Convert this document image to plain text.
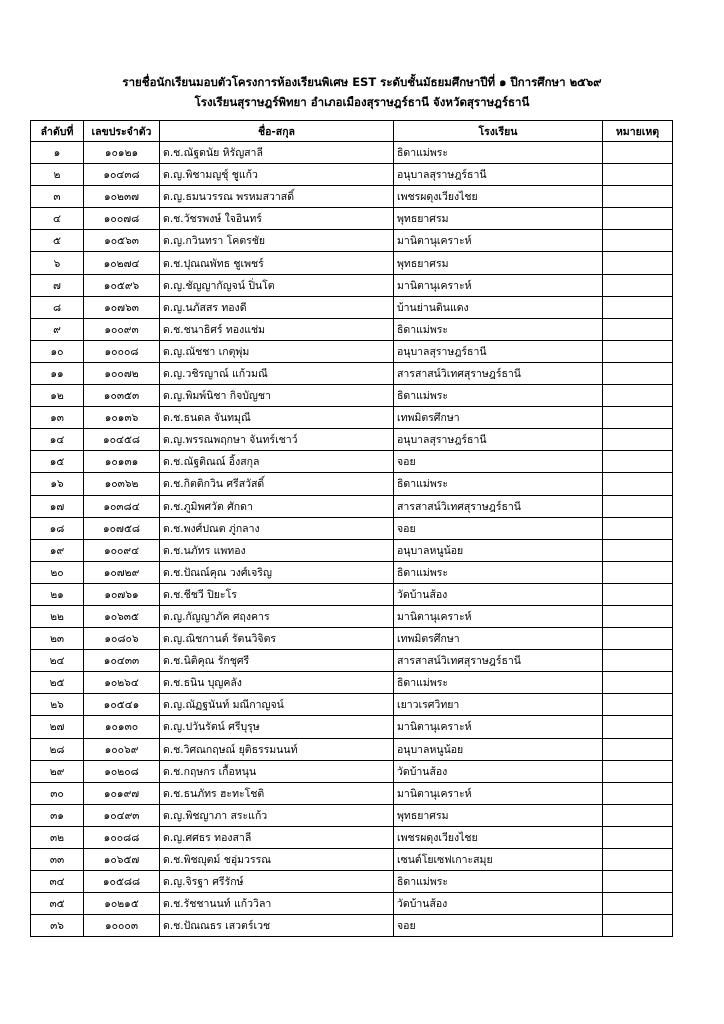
รายชื่อนักเรียนมอบตัวโครงการห้องเรียนพิเศษ EST ระดับชั้นมัธยมศึกษาปีที่ ๑ ปีการศึกษา ๒๕๖๙
โรงเรียนสุราษฎร์พิทยา อำเภอเมืองสุราษฎร์ธานี จังหวัดสุราษฎร์ธานี
ลำดับที่	เลขประจำตัว	ชื่อ-สกุล	โรงเรียน	หมายเหตุ
๑	๑๐๑๒๑	ด.ช.ณัฐดนัย หิรัญสาลี	ธิดาแม่พระ	
๒	๑๐๔๓๘	ด.ญ.พิชามญชุ์ ชูแก้ว	อนุบาลสุราษฎร์ธานี	
๓	๑๐๒๓๗	ด.ญ.ธมนวรรณ พรหมสวาสดิ์	เพชรผดุงเวียงไชย	
๔	๑๐๐๗๘	ด.ช.วัชรพงษ์ ใจอินทร์	พุทธยาศรม	
๕	๑๐๕๖๓	ด.ญ.กวินทรา โคตรชัย	มานิตานุเคราะห์	
๖	๑๐๒๗๔	ด.ช.ปุณณพัทธ ชูเพชร์	พุทธยาศรม	
๗	๑๐๕๙๖	ด.ญ.ชัญญากัญจน์ ปิ่นโต	มานิตานุเคราะห์	
๘	๑๐๗๖๓	ด.ญ.นภัสสร ทองดี	บ้านย่านดินแดง	
๙	๑๐๐๙๓	ด.ช.ชนาธิศร์ ทองแช่ม	ธิดาแม่พระ	
๑๐	๑๐๐๐๘	ด.ญ.ณัชชา เกตุพุ่ม	อนุบาลสุราษฎร์ธานี	
๑๑	๑๐๐๗๒	ด.ญ.วชิรญาณ์ แก้วมณี	สารสาสน์วิเทศสุราษฎร์ธานี	
๑๒	๑๐๓๕๓	ด.ญ.พิมพ์นิชา กิจบัญชา	ธิดาแม่พระ	
๑๓	๑๐๑๓๖	ด.ช.ธนดล จันทมุณี	เทพมิตรศึกษา	
๑๔	๑๐๔๕๘	ด.ญ.พรรณพฤกษา จันทร์เชาว์	อนุบาลสุราษฎร์ธานี	
๑๕	๑๐๑๓๑	ด.ช.ณัฐติณณ์ อิ้งสกุล	จอย	
๑๖	๑๐๓๖๒	ด.ช.กิตติกวิน ศรีสวัสดิ์	ธิดาแม่พระ	
๑๗	๑๐๓๘๔	ด.ช.ภูมิพศวัต ศักดา	สารสาสน์วิเทศสุราษฎร์ธานี	
๑๘	๑๐๗๕๘	ด.ช.พงศ์ปณต ภู่กลาง	จอย	
๑๙	๑๐๐๙๔	ด.ช.นภัทร แพทอง	อนุบาลหนูน้อย	
๒๐	๑๐๗๒๙	ด.ช.ปัณณ์คุณ วงศ์เจริญ	ธิดาแม่พระ	
๒๑	๑๐๗๖๑	ด.ช.ชีชวี ปิยะโร	วัดบ้านส้อง	
๒๒	๑๐๖๓๕	ด.ญ.กัญญาภัค ศฤงคาร	มานิตานุเคราะห์	
๒๓	๑๐๘๐๖	ด.ญ.ณิชกานต์ รัตนวิจิตร	เทพมิตรศึกษา	
๒๔	๑๐๔๓๓	ด.ช.นิติคุณ รักชุศรี	สารสาสน์วิเทศสุราษฎร์ธานี	
๒๕	๑๐๒๖๔	ด.ช.ธนิน บุญคลัง	ธิดาแม่พระ	
๒๖	๑๐๕๔๑	ด.ญ.ณัฏฐนันท์ มณีกาญจน์	เยาวเรศวิทยา	
๒๗	๑๐๑๓๐	ด.ญ.ปวันรัตน์ ศรีบุรุษ	มานิตานุเคราะห์	
๒๘	๑๐๐๖๙	ด.ช.วิศณกฤษณ์ ยุติธรรมนนท์	อนุบาลหนูน้อย	
๒๙	๑๐๒๐๘	ด.ช.กฤษกร เกื้อหนุน	วัดบ้านส้อง	
๓๐	๑๐๑๙๗	ด.ช.ธนภัทร ฮะทะโชติ	มานิตานุเคราะห์	
๓๑	๑๐๔๙๓	ด.ญ.พิชญาภา สระแก้ว	พุทธยาศรม	
๓๒	๑๐๐๘๘	ด.ญ.ศศธร ทองสาลี	เพชรผดุงเวียงไชย	
๓๓	๑๐๖๕๗	ด.ช.พิชญุตม์ ชอุ่มวรรณ	เซนต์โยเซฟเกาะสมุย	
๓๔	๑๐๕๘๘	ด.ญ.จิรฐา ศรีรักษ์	ธิดาแม่พระ	
๓๕	๑๐๒๑๕	ด.ช.รัชชานนท์ แก้ววิลา	วัดบ้านส้อง	
๓๖	๑๐๐๐๓	ด.ช.ปัณณธร เสวตร์เวช	จอย	
